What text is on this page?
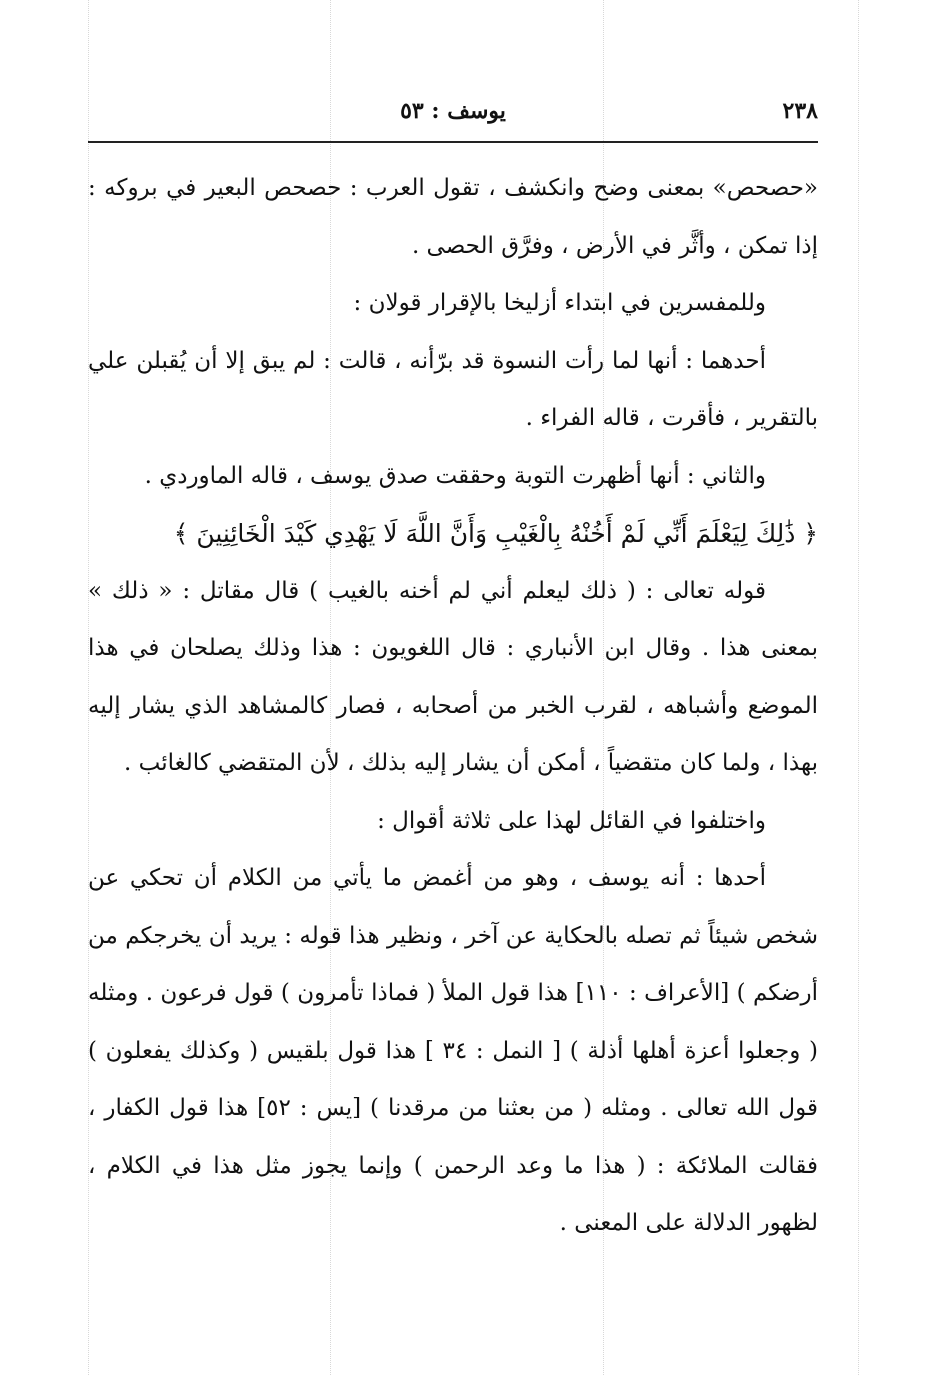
٢٣٨
يوسف : ٥٣

«حصحص» بمعنى وضح وانكشف ، تقول العرب : حصحص البعير في بروكه : إذا تمكن ، وأثَّر في الأرض ، وفرَّق الحصى .

وللمفسرين في ابتداء أزليخا بالإقرار قولان :

أحدهما : أنها لما رأت النسوة قد برّأنه ، قالت : لم يبق إلا أن يُقبلن علي بالتقرير ، فأقرت ، قاله الفراء .

والثاني : أنها أظهرت التوبة وحققت صدق يوسف ، قاله الماوردي .

﴿ ذَٰلِكَ لِيَعْلَمَ أَنِّي لَمْ أَخُنْهُ بِالْغَيْبِ وَأَنَّ اللَّهَ لَا يَهْدِي كَيْدَ الْخَائِنِينَ ﴾

قوله تعالى : ( ذلك ليعلم أني لم أخنه بالغيب ) قال مقاتل : « ذلك » بمعنى هذا . وقال ابن الأنباري : قال اللغويون : هذا وذلك يصلحان في هذا الموضع وأشباهه ، لقرب الخبر من أصحابه ، فصار كالمشاهد الذي يشار إليه بهذا ، ولما كان متقضياً ، أمكن أن يشار إليه بذلك ، لأن المتقضي كالغائب .

واختلفوا في القائل لهذا على ثلاثة أقوال :

أحدها : أنه يوسف ، وهو من أغمض ما يأتي من الكلام أن تحكي عن شخص شيئاً ثم تصله بالحكاية عن آخر ، ونظير هذا قوله : يريد أن يخرجكم من أرضكم ) [الأعراف : ١١٠] هذا قول الملأ ( فماذا تأمرون ) قول فرعون . ومثله ( وجعلوا أعزة أهلها أذلة ) [ النمل : ٣٤ ] هذا قول بلقيس ( وكذلك يفعلون ) قول الله تعالى . ومثله ( من بعثنا من مرقدنا ) [يس : ٥٢] هذا قول الكفار ، فقالت الملائكة : ( هذا ما وعد الرحمن ) وإنما يجوز مثل هذا في الكلام ، لظهور الدلالة على المعنى .
